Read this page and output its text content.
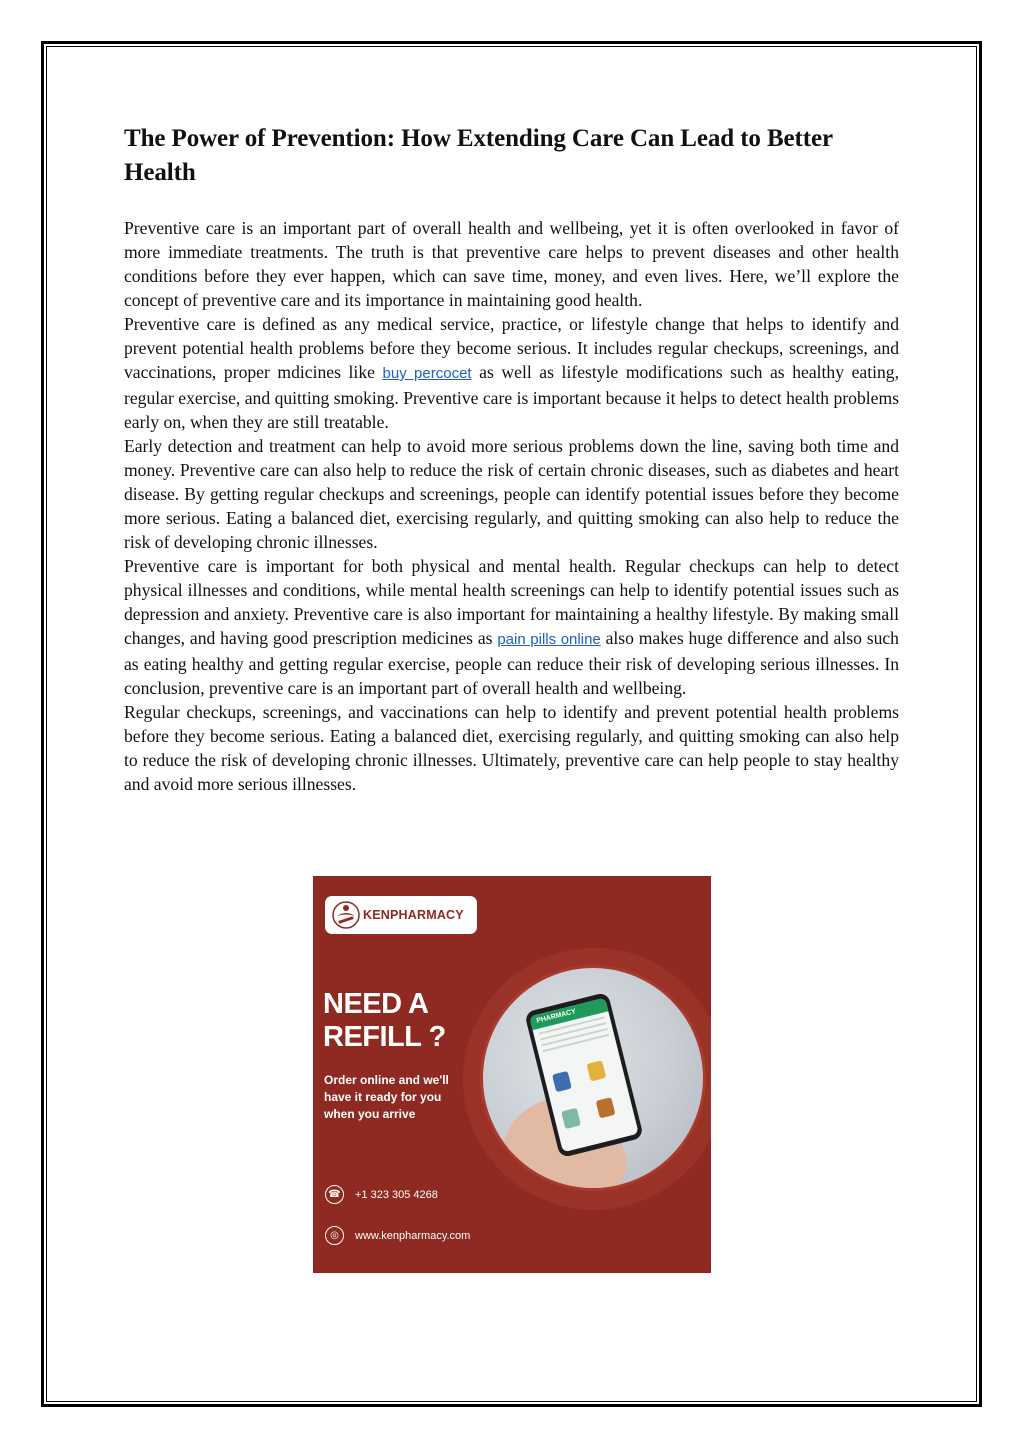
The Power of Prevention: How Extending Care Can Lead to Better Health

Preventive care is an important part of overall health and wellbeing, yet it is often overlooked in favor of more immediate treatments. The truth is that preventive care helps to prevent diseases and other health conditions before they ever happen, which can save time, money, and even lives. Here, we’ll explore the concept of preventive care and its importance in maintaining good health.

Preventive care is defined as any medical service, practice, or lifestyle change that helps to identify and prevent potential health problems before they become serious. It includes regular checkups, screenings, and vaccinations, proper mdicines like buy percocet as well as lifestyle modifications such as healthy eating, regular exercise, and quitting smoking. Preventive care is important because it helps to detect health problems early on, when they are still treatable.

Early detection and treatment can help to avoid more serious problems down the line, saving both time and money. Preventive care can also help to reduce the risk of certain chronic diseases, such as diabetes and heart disease. By getting regular checkups and screenings, people can identify potential issues before they become more serious. Eating a balanced diet, exercising regularly, and quitting smoking can also help to reduce the risk of developing chronic illnesses.

Preventive care is important for both physical and mental health. Regular checkups can help to detect physical illnesses and conditions, while mental health screenings can help to identify potential issues such as depression and anxiety. Preventive care is also important for maintaining a healthy lifestyle. By making small changes, and having good prescription medicines as pain pills online also makes huge difference and also such as eating healthy and getting regular exercise, people can reduce their risk of developing serious illnesses. In conclusion, preventive care is an important part of overall health and wellbeing.

Regular checkups, screenings, and vaccinations can help to identify and prevent potential health problems before they become serious. Eating a balanced diet, exercising regularly, and quitting smoking can also help to reduce the risk of developing chronic illnesses. Ultimately, preventive care can help people to stay healthy and avoid more serious illnesses.

KENPHARMACY
NEED A
REFILL ?
Order online and we'll have it ready for you when you arrive
PHARMACY
☎ +1 323 305 4268
◎	www.kenpharmacy.com
